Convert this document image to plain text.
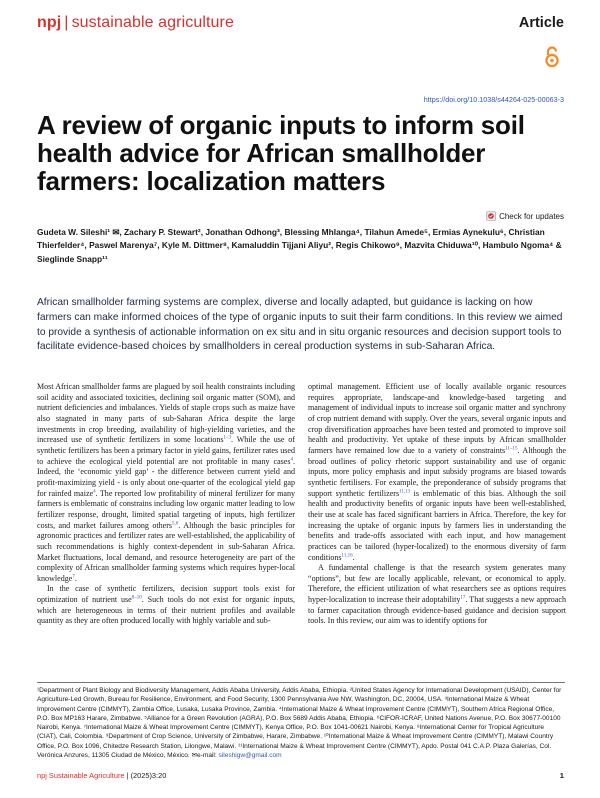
npj | sustainable agriculture	Article
https://doi.org/10.1038/s44264-025-00063-3
A review of organic inputs to inform soil health advice for African smallholder farmers: localization matters
Check for updates
Gudeta W. Sileshi¹ ✉, Zachary P. Stewart², Jonathan Odhong³, Blessing Mhlanga⁴, Tilahun Amede⁵, Ermias Aynekulu⁶, Christian Thierfelder⁴, Paswel Marenya⁷, Kyle M. Dittmer⁸, Kamaluddin Tijjani Aliyu², Regis Chikowo⁹, Mazvita Chiduwa¹⁰, Hambulo Ngoma⁴ & Sieglinde Snapp¹¹
African smallholder farming systems are complex, diverse and locally adapted, but guidance is lacking on how farmers can make informed choices of the type of organic inputs to suit their farm conditions. In this review we aimed to provide a synthesis of actionable information on ex situ and in situ organic resources and decision support tools to facilitate evidence-based choices by smallholders in cereal production systems in sub-Saharan Africa.

Most African smallholder farms are plagued by soil health constraints including soil acidity and associated toxicities, declining soil organic matter (SOM), and nutrient deficiencies and imbalances. Yields of staple crops such as maize have also stagnated in many parts of sub-Saharan Africa despite the large investments in crop breeding, availability of high-yielding varieties, and the increased use of synthetic fertilizers in some locations$^{1-3}$. While the use of synthetic fertilizers has been a primary factor in yield gains, fertilizer rates used to achieve the ecological yield potential are not profitable in many cases$^4$. Indeed, the ‘economic yield gap’ - the difference between current yield and profit-maximizing yield - is only about one-quarter of the ecological yield gap for rainfed maize$^4$. The reported low profitability of mineral fertilizer for many farmers is emblematic of constrains including low organic matter leading to low fertilizer response, drought, limited spatial targeting of inputs, high fertilizer costs, and market failures among others$^{5,6}$. Although the basic principles for agronomic practices and fertilizer rates are well-established, the applicability of such recommendations is highly context-dependent in sub-Saharan Africa. Market fluctuations, local demand, and resource heterogeneity are part of the complexity of African smallholder farming systems which requires hyper-local knowledge$^7$.

In the case of synthetic fertilizers, decision support tools exist for optimization of nutrient use$^{8-10}$. Such tools do not exist for organic inputs, which are heterogeneous in terms of their nutrient profiles and available quantity as they are often produced locally with highly variable and sub-

optimal management. Efficient use of locally available organic resources requires appropriate, landscape-and knowledge-based targeting and management of individual inputs to increase soil organic matter and synchrony of crop nutrient demand with supply. Over the years, several organic inputs and crop diversification approaches have been tested and promoted to improve soil health and productivity. Yet uptake of these inputs by African smallholder farmers have remained low due to a variety of constraints$^{11-15}$. Although the broad outlines of policy rhetoric support sustainability and use of organic inputs, more policy emphasis and input subsidy programs are biased towards synthetic fertilisers. For example, the preponderance of subsidy programs that support synthetic fertilizers$^{11,13}$ is emblematic of this bias. Although the soil health and productivity benefits of organic inputs have been well-established, their use at scale has faced significant barriers in Africa. Therefore, the key for increasing the uptake of organic inputs by farmers lies in understanding the benefits and trade-offs associated with each input, and how management practices can be tailored (hyper-localized) to the enormous diversity of farm conditions$^{11,16}$.

A fundamental challenge is that the research system generates many “options”, but few are locally applicable, relevant, or economical to apply. Therefore, the efficient utilization of what researchers see as options requires hyper-localization to increase their adoptability$^{17}$. That suggests a new approach to farmer capacitation through evidence-based guidance and decision support tools. In this review, our aim was to identify options for

¹Department of Plant Biology and Biodiversity Management, Addis Ababa University, Addis Ababa, Ethiopia. ²United States Agency for International Development (USAID), Center for Agriculture-Led Growth, Bureau for Resilience, Environment, and Food Security, 1300 Pennsylvania Ave NW, Washington, DC, 20004, USA. ³International Maize & Wheat Improvement Centre (CIMMYT), Zambia Office, Lusaka, Lusaka Province, Zambia. ⁴International Maize & Wheat Improvement Centre (CIMMYT), Southern Africa Regional Office, P.O. Box MP163 Harare, Zimbabwe. ⁵Alliance for a Green Revolution (AGRA), P.O. Box 5689 Addis Ababa, Ethiopia. ⁶CIFOR-ICRAF, United Nations Avenue, P.O. Box 30677-00100 Nairobi, Kenya. ⁷International Maize & Wheat Improvement Centre (CIMMYT), Kenya Office, P.O. Box 1041-00621 Nairobi, Kenya. ⁸International Center for Tropical Agriculture (CIAT), Cali, Colombia. ⁹Department of Crop Science, University of Zimbabwe, Harare, Zimbabwe. ¹⁰International Maize & Wheat Improvement Centre (CIMMYT), Malawi Country Office, P.O. Box 1096, Chitedze Research Station, Lilongwe, Malawi. ¹¹International Maize & Wheat Improvement Centre (CIMMYT), Apdo. Postal 041 C.A.P. Plaza Galerías, Col. Verónica Anzures, 11305 Ciudad de México, México. ✉e-mail: sileshigw@gmail.com
npj Sustainable Agriculture | (2025)3:20	1
